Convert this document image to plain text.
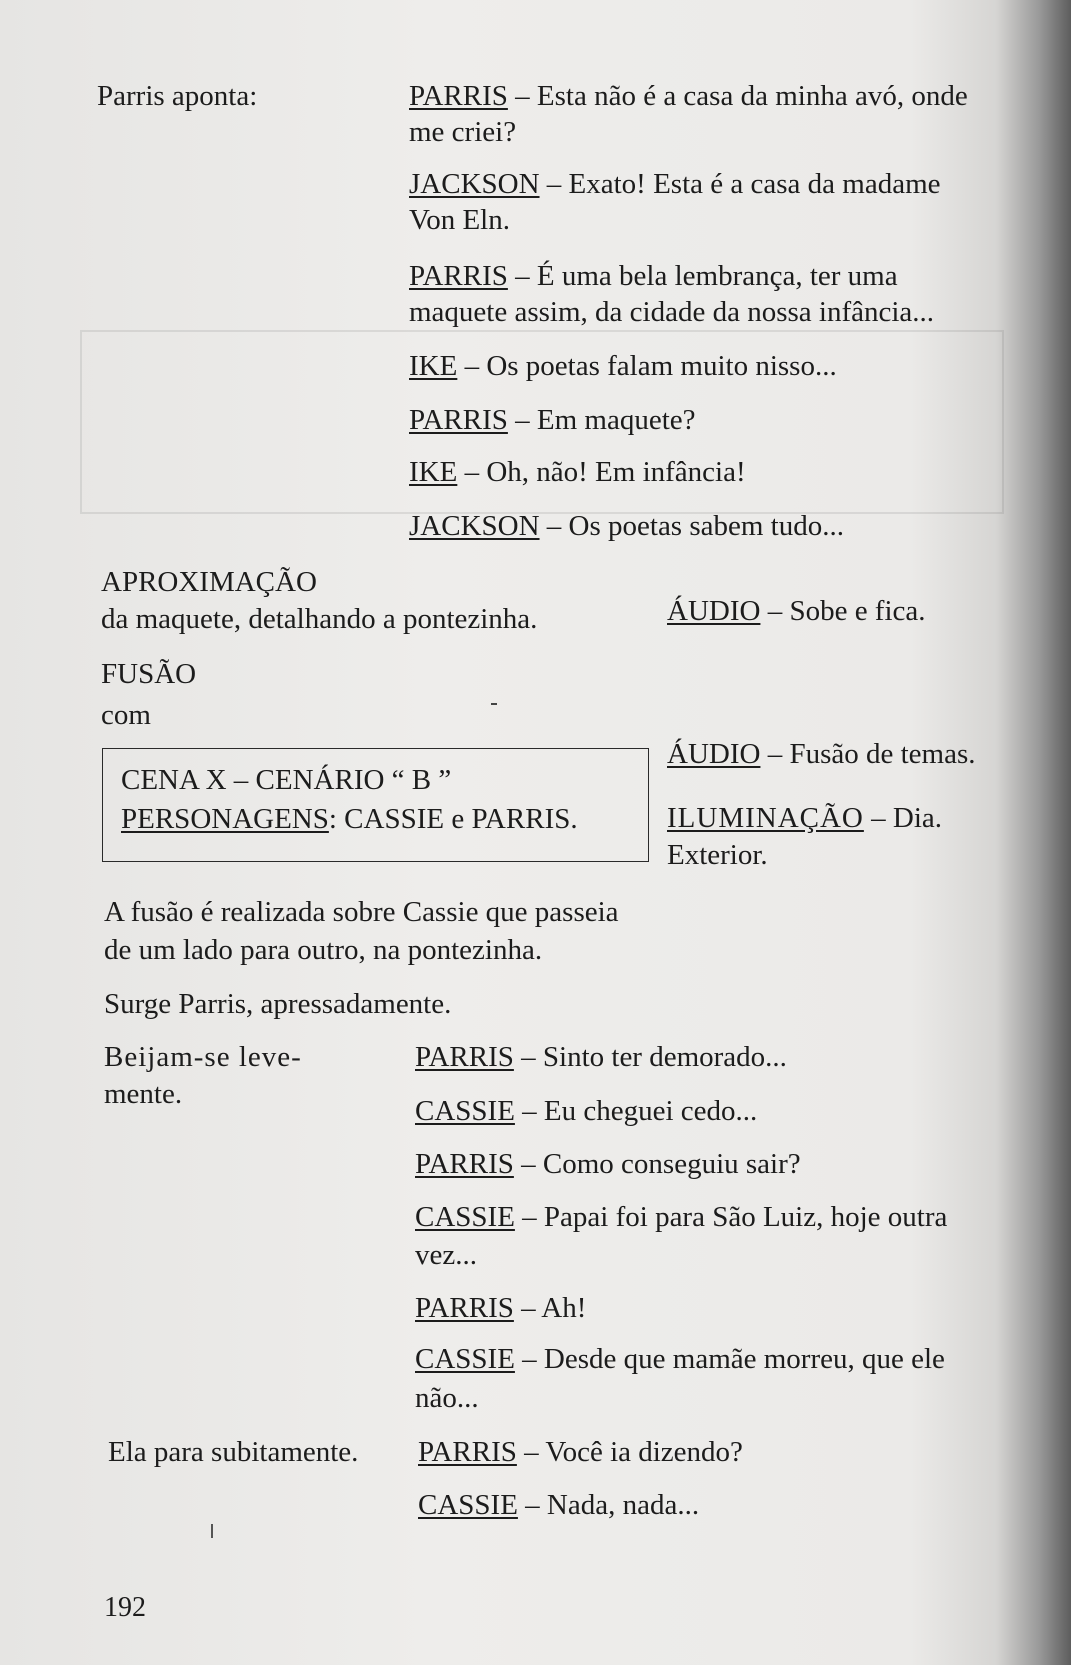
Parris aponta:	PARRIS – Esta não é a casa da minha avó, onde
me criei?
JACKSON – Exato! Esta é a casa da madame
Von Eln.
PARRIS – É uma bela lembrança, ter uma
maquete assim, da cidade da nossa infância...
IKE – Os poetas falam muito nisso...
PARRIS – Em maquete?
IKE – Oh, não! Em infância!
JACKSON – Os poetas sabem tudo...
APROXIMAÇÃO
da maquete, detalhando a pontezinha.
FUSÃO
com
ÁUDIO – Sobe e fica.
CENA X – CENÁRIO “ B ”
PERSONAGENS: CASSIE e PARRIS.
ÁUDIO – Fusão de temas.
ILUMINAÇÃO – Dia.
Exterior.
A fusão é realizada sobre Cassie que passeia
de um lado para outro, na pontezinha.
Surge Parris, apressadamente.
Beijam-se leve-
mente.
Ela para subitamente.
PARRIS – Sinto ter demorado...
CASSIE – Eu cheguei cedo...
PARRIS – Como conseguiu sair?
CASSIE – Papai foi para São Luiz, hoje outra
vez...
PARRIS – Ah!
CASSIE – Desde que mamãe morreu, que ele
não...
PARRIS – Você ia dizendo?
CASSIE – Nada, nada...
192
